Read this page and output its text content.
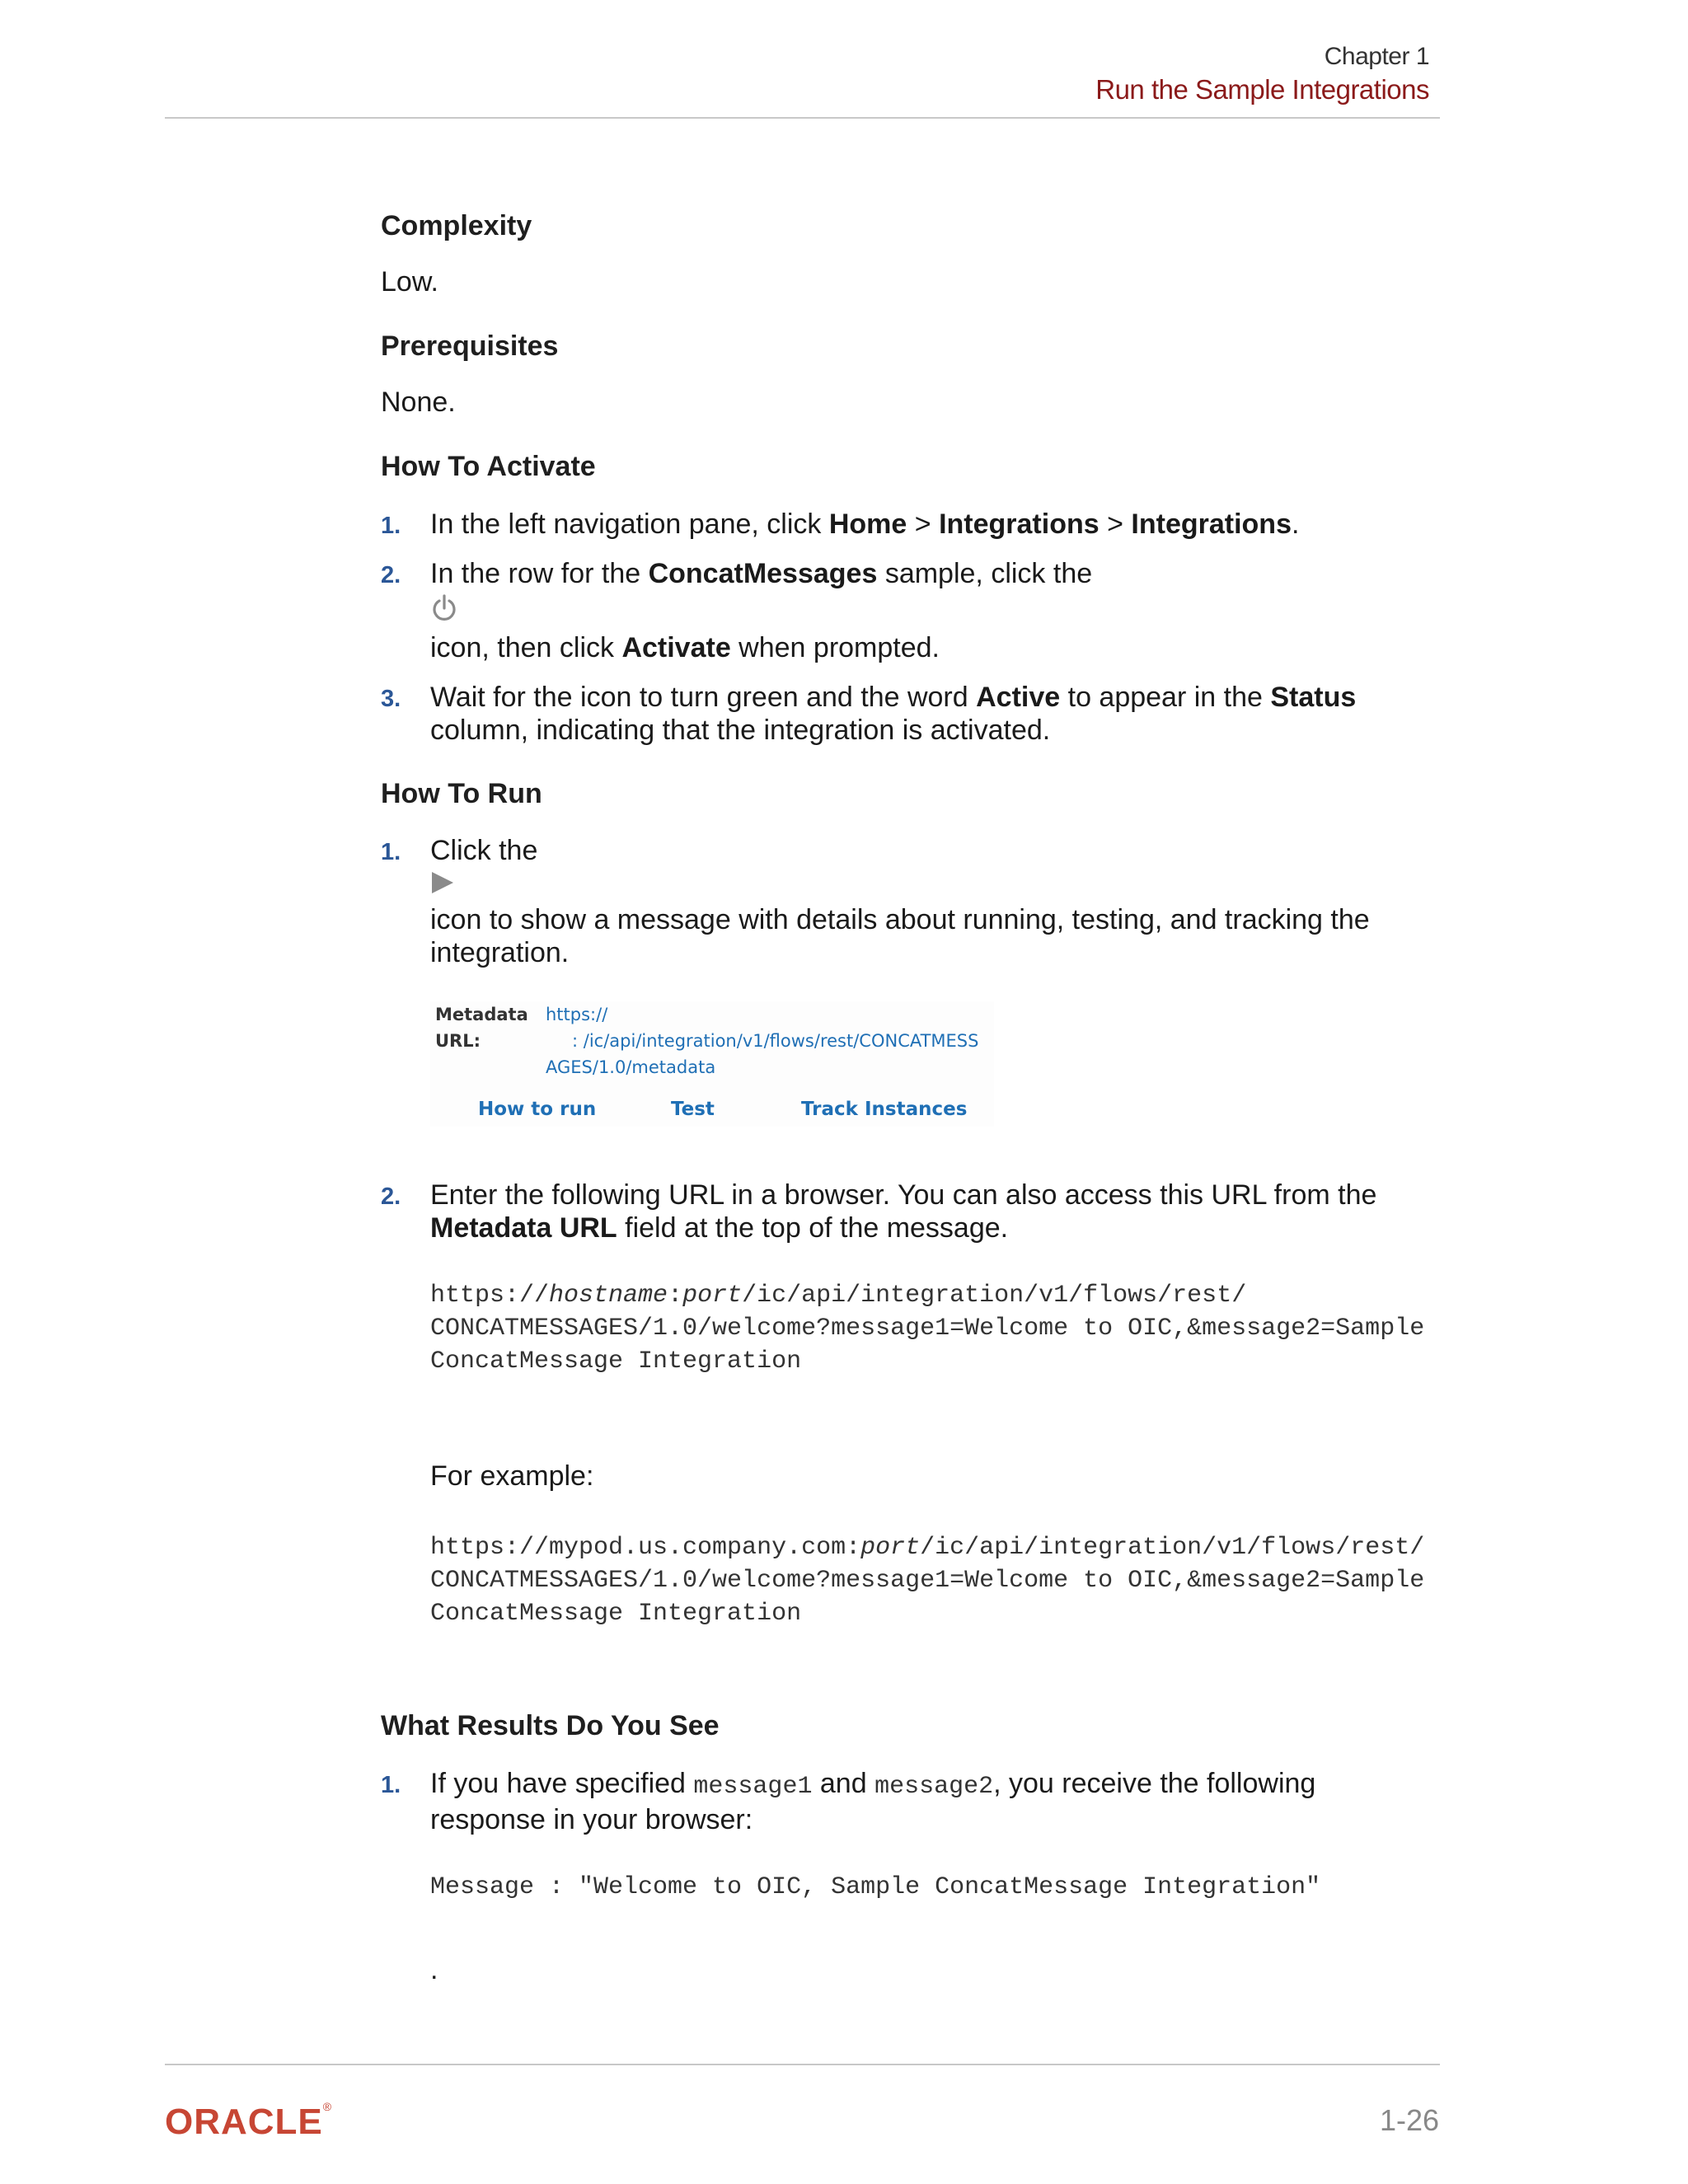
Chapter 1
Run the Sample Integrations

Complexity

Low.

Prerequisites

None.

How To Activate

1. In the left navigation pane, click Home > Integrations > Integrations.

2. In the row for the ConcatMessages sample, click the

icon, then click Activate when prompted.

3. Wait for the icon to turn green and the word Active to appear in the Status column, indicating that the integration is activated.

How To Run

1. Click the

icon to show a message with details about running, testing, and tracking the integration.

Metadata
URL:
https://
: /ic/api/integration/v1/flows/rest/CONCATMESS
AGES/1.0/metadata
How to run	Test	Track Instances
2. Enter the following URL in a browser. You can also access this URL from the Metadata URL field at the top of the message.

https://hostname:port/ic/api/integration/v1/flows/rest/
CONCATMESSAGES/1.0/welcome?message1=Welcome to OIC,&message2=Sample
ConcatMessage Integration

For example:

https://mypod.us.company.com:port/ic/api/integration/v1/flows/rest/
CONCATMESSAGES/1.0/welcome?message1=Welcome to OIC,&message2=Sample
ConcatMessage Integration

What Results Do You See

1. If you have specified message1 and message2, you receive the following response in your browser:

Message : "Welcome to OIC, Sample ConcatMessage Integration"

.

ORACLE®	1-26
